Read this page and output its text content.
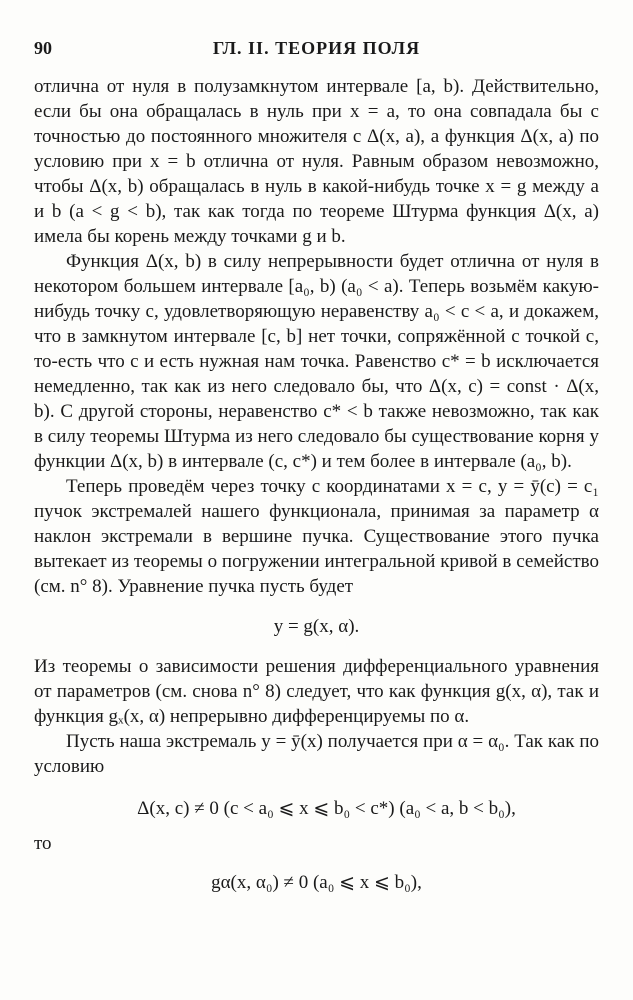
90	ГЛ. II. ТЕОРИЯ ПОЛЯ

отлична от нуля в полузамкнутом интервале [a, b). Действительно, если бы она обращалась в нуль при x = a, то она совпадала бы с точностью до постоянного множителя с Δ(x, a), а функция Δ(x, a) по условию при x = b отлична от нуля. Равным образом невозможно, чтобы Δ(x, b) обращалась в нуль в какой-нибудь точке x = g между a и b (a < g < b), так как тогда по теореме Штурма функция Δ(x, a) имела бы корень между точками g и b.

Функция Δ(x, b) в силу непрерывности будет отлична от нуля в некотором большем интервале [a₀, b) (a₀ < a). Теперь возьмём какую-нибудь точку c, удовлетворяющую неравенству a₀ < c < a, и докажем, что в замкнутом интервале [c, b] нет точки, сопряжённой с точкой c, то-есть что c и есть нужная нам точка. Равенство c* = b исключается немедленно, так как из него следовало бы, что Δ(x, c) = const · Δ(x, b). С другой стороны, неравенство c* < b также невозможно, так как в силу теоремы Штурма из него следовало бы существование корня у функции Δ(x, b) в интервале (c, c*) и тем более в интервале (a₀, b).

Теперь проведём через точку с координатами x = c, y = ȳ(c) = c₁ пучок экстремалей нашего функционала, принимая за параметр α наклон экстремали в вершине пучка. Существование этого пучка вытекает из теоремы о погружении интегральной кривой в семейство (см. n° 8). Уравнение пучка пусть будет

y = g(x, α).

Из теоремы о зависимости решения дифференциального уравнения от параметров (см. снова n° 8) следует, что как функция g(x, α), так и функция gₓ(x, α) непрерывно дифференцируемы по α.

Пусть наша экстремаль y = ȳ(x) получается при α = α₀. Так как по условию

Δ(x, c) ≠ 0 (c < a₀ ⩽ x ⩽ b₀ < c*) (a₀ < a, b < b₀),

то

gα(x, α₀) ≠ 0 (a₀ ⩽ x ⩽ b₀),
